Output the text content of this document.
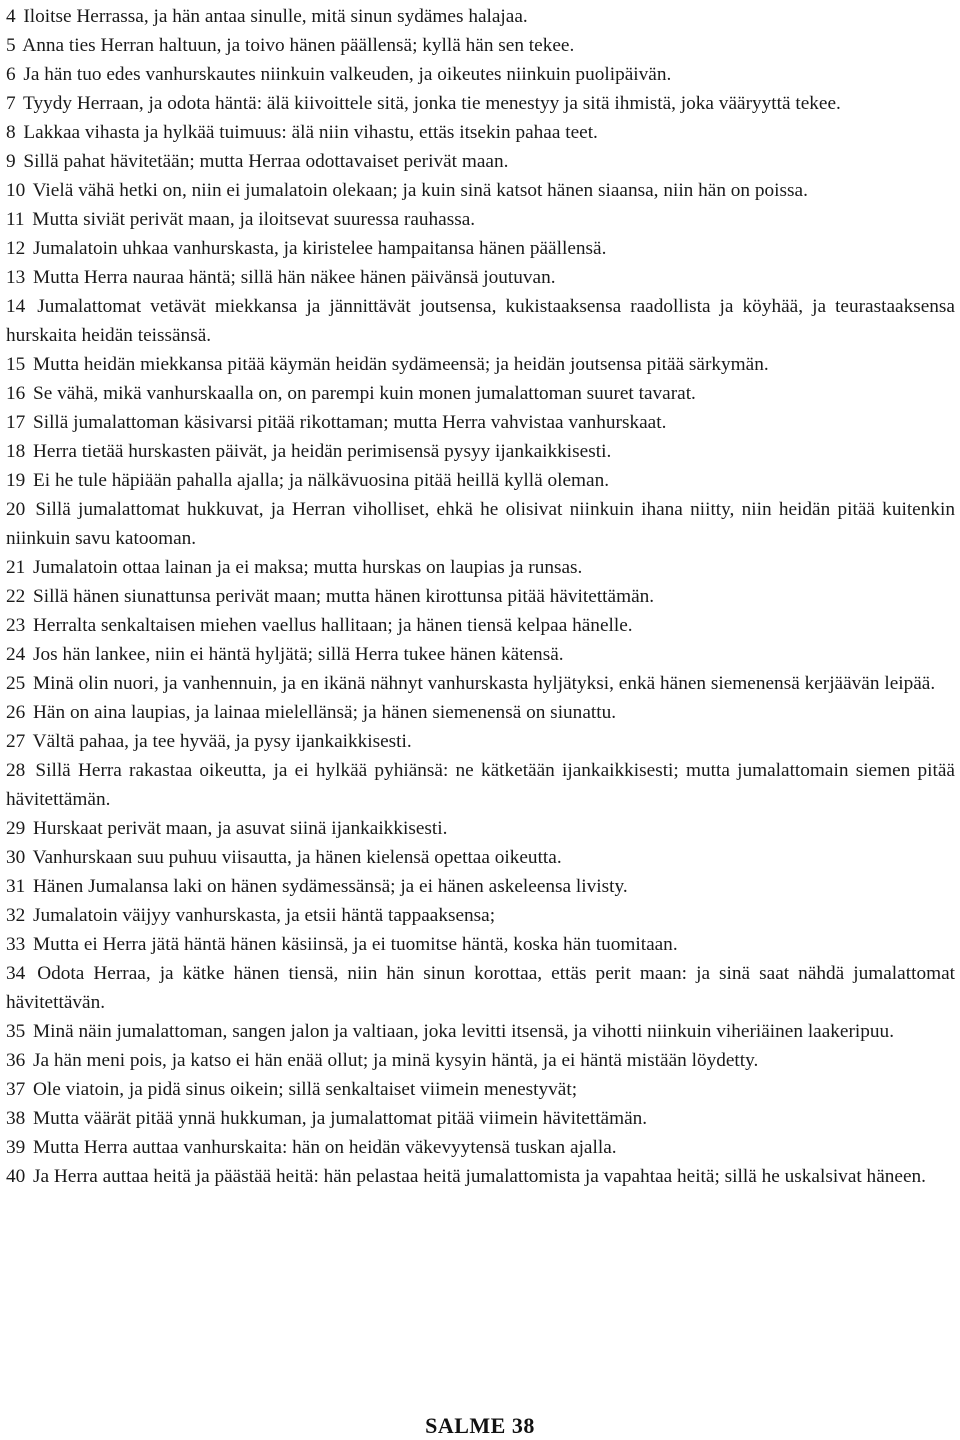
4 Iloitse Herrassa, ja hän antaa sinulle, mitä sinun sydämes halajaa.
5 Anna ties Herran haltuun, ja toivo hänen päällensä; kyllä hän sen tekee.
6 Ja hän tuo edes vanhurskautes niinkuin valkeuden, ja oikeutes niinkuin puolipäivän.
7 Tyydy Herraan, ja odota häntä: älä kiivoittele sitä, jonka tie menestyy ja sitä ihmistä, joka vääryyttä tekee.
8 Lakkaa vihasta ja hylkää tuimuus: älä niin vihastu, ettäs itsekin pahaa teet.
9 Sillä pahat hävitetään; mutta Herraa odottavaiset perivät maan.
10 Vielä vähä hetki on, niin ei jumalatoin olekaan; ja kuin sinä katsot hänen siaansa, niin hän on poissa.
11 Mutta siviät perivät maan, ja iloitsevat suuressa rauhassa.
12 Jumalatoin uhkaa vanhurskasta, ja kiristelee hampaitansa hänen päällensä.
13 Mutta Herra nauraa häntä; sillä hän näkee hänen päivänsä joutuvan.
14 Jumalattomat vetävät miekkansa ja jännittävät joutsensa, kukistaaksensa raadollista ja köyhää, ja teurastaaksensa hurskaita heidän teissänsä.
15 Mutta heidän miekkansa pitää käymän heidän sydämeensä; ja heidän joutsensa pitää särkymän.
16 Se vähä, mikä vanhurskaalla on, on parempi kuin monen jumalattoman suuret tavarat.
17 Sillä jumalattoman käsivarsi pitää rikottaman; mutta Herra vahvistaa vanhurskaat.
18 Herra tietää hurskasten päivät, ja heidän perimisensä pysyy ijankaikkisesti.
19 Ei he tule häpiään pahalla ajalla; ja nälkävuosina pitää heillä kyllä oleman.
20 Sillä jumalattomat hukkuvat, ja Herran viholliset, ehkä he olisivat niinkuin ihana niitty, niin heidän pitää kuitenkin niinkuin savu katooman.
21 Jumalatoin ottaa lainan ja ei maksa; mutta hurskas on laupias ja runsas.
22 Sillä hänen siunattunsa perivät maan; mutta hänen kirottunsa pitää hävitettämän.
23 Herralta senkaltaisen miehen vaellus hallitaan; ja hänen tiensä kelpaa hänelle.
24 Jos hän lankee, niin ei häntä hyljätä; sillä Herra tukee hänen kätensä.
25 Minä olin nuori, ja vanhennuin, ja en ikänä nähnyt vanhurskasta hyljätyksi, enkä hänen siemenensä kerjäävän leipää.
26 Hän on aina laupias, ja lainaa mielellänsä; ja hänen siemenensä on siunattu.
27 Vältä pahaa, ja tee hyvää, ja pysy ijankaikkisesti.
28 Sillä Herra rakastaa oikeutta, ja ei hylkää pyhiänsä: ne kätketään ijankaikkisesti; mutta jumalattomain siemen pitää hävitettämän.
29 Hurskaat perivät maan, ja asuvat siinä ijankaikkisesti.
30 Vanhurskaan suu puhuu viisautta, ja hänen kielensä opettaa oikeutta.
31 Hänen Jumalansa laki on hänen sydämessänsä; ja ei hänen askeleensa livisty.
32 Jumalatoin väijyy vanhurskasta, ja etsii häntä tappaaksensa;
33 Mutta ei Herra jätä häntä hänen käsiinsä, ja ei tuomitse häntä, koska hän tuomitaan.
34 Odota Herraa, ja kätke hänen tiensä, niin hän sinun korottaa, ettäs perit maan: ja sinä saat nähdä jumalattomat hävitettävän.
35 Minä näin jumalattoman, sangen jalon ja valtiaan, joka levitti itsensä, ja vihotti niinkuin viheriäinen laakeripuu.
36 Ja hän meni pois, ja katso ei hän enää ollut; ja minä kysyin häntä, ja ei häntä mistään löydetty.
37 Ole viatoin, ja pidä sinus oikein; sillä senkaltaiset viimein menestyvät;
38 Mutta väärät pitää ynnä hukkuman, ja jumalattomat pitää viimein hävitettämän.
39 Mutta Herra auttaa vanhurskaita: hän on heidän väkevyytensä tuskan ajalla.
40 Ja Herra auttaa heitä ja päästää heitä: hän pelastaa heitä jumalattomista ja vapahtaa heitä; sillä he uskalsivat häneen.
SALME 38
